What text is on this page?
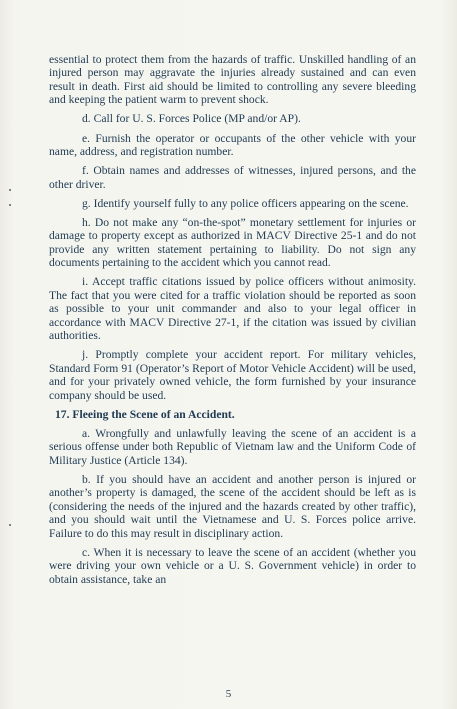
essential to protect them from the hazards of traffic. Unskilled handling of an injured person may aggravate the injuries already sustained and can even result in death. First aid should be limited to controlling any severe bleeding and keeping the patient warm to prevent shock.

d. Call for U. S. Forces Police (MP and/or AP).

e. Furnish the operator or occupants of the other vehicle with your name, address, and registration number.

f. Obtain names and addresses of witnesses, injured persons, and the other driver.

g. Identify yourself fully to any police officers appearing on the scene.

h. Do not make any “on-the-spot” monetary settlement for injuries or damage to property except as authorized in MACV Directive 25-1 and do not provide any written statement pertaining to liability. Do not sign any documents pertaining to the accident which you cannot read.

i. Accept traffic citations issued by police officers without animosity. The fact that you were cited for a traffic violation should be reported as soon as possible to your unit commander and also to your legal officer in accordance with MACV Directive 27-1, if the citation was issued by civilian authorities.

j. Promptly complete your accident report. For military vehicles, Standard Form 91 (Operator’s Report of Motor Vehicle Accident) will be used, and for your privately owned vehicle, the form furnished by your insurance company should be used.

17. Fleeing the Scene of an Accident.

a. Wrongfully and unlawfully leaving the scene of an accident is a serious offense under both Republic of Vietnam law and the Uniform Code of Military Justice (Article 134).

b. If you should have an accident and another person is injured or another’s property is damaged, the scene of the accident should be left as is (considering the needs of the injured and the hazards created by other traffic), and you should wait until the Vietnamese and U. S. Forces police arrive. Failure to do this may result in disciplinary action.

c. When it is necessary to leave the scene of an accident (whether you were driving your own vehicle or a U. S. Government vehicle) in order to obtain assistance, take an

5
